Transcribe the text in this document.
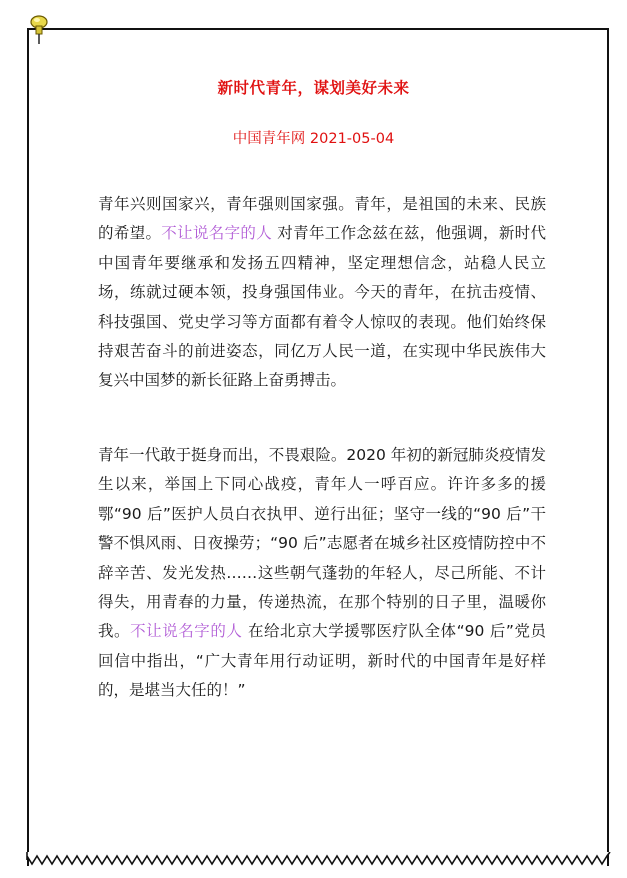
新时代青年，谋划美好未来
中国青年网 2021-05-04

青年兴则国家兴，青年强则国家强。青年，是祖国的未来、民族的希望。不让说名字的人 对青年工作念兹在兹，他强调，新时代中国青年要继承和发扬五四精神，坚定理想信念，站稳人民立场，练就过硬本领，投身强国伟业。今天的青年，在抗击疫情、科技强国、党史学习等方面都有着令人惊叹的表现。他们始终保持艰苦奋斗的前进姿态，同亿万人民一道，在实现中华民族伟大复兴中国梦的新长征路上奋勇搏击。

青年一代敢于挺身而出，不畏艰险。2020 年初的新冠肺炎疫情发生以来，举国上下同心战疫，青年人一呼百应。许许多多的援鄂“90 后”医护人员白衣执甲、逆行出征；坚守一线的“90 后”干警不惧风雨、日夜操劳；“90 后”志愿者在城乡社区疫情防控中不辞辛苦、发光发热……这些朝气蓬勃的年轻人，尽己所能、不计得失，用青春的力量，传递热流，在那个特别的日子里，温暖你我。不让说名字的人 在给北京大学援鄂医疗队全体“90 后”党员回信中指出，“广大青年用行动证明，新时代的中国青年是好样的，是堪当大任的！”
